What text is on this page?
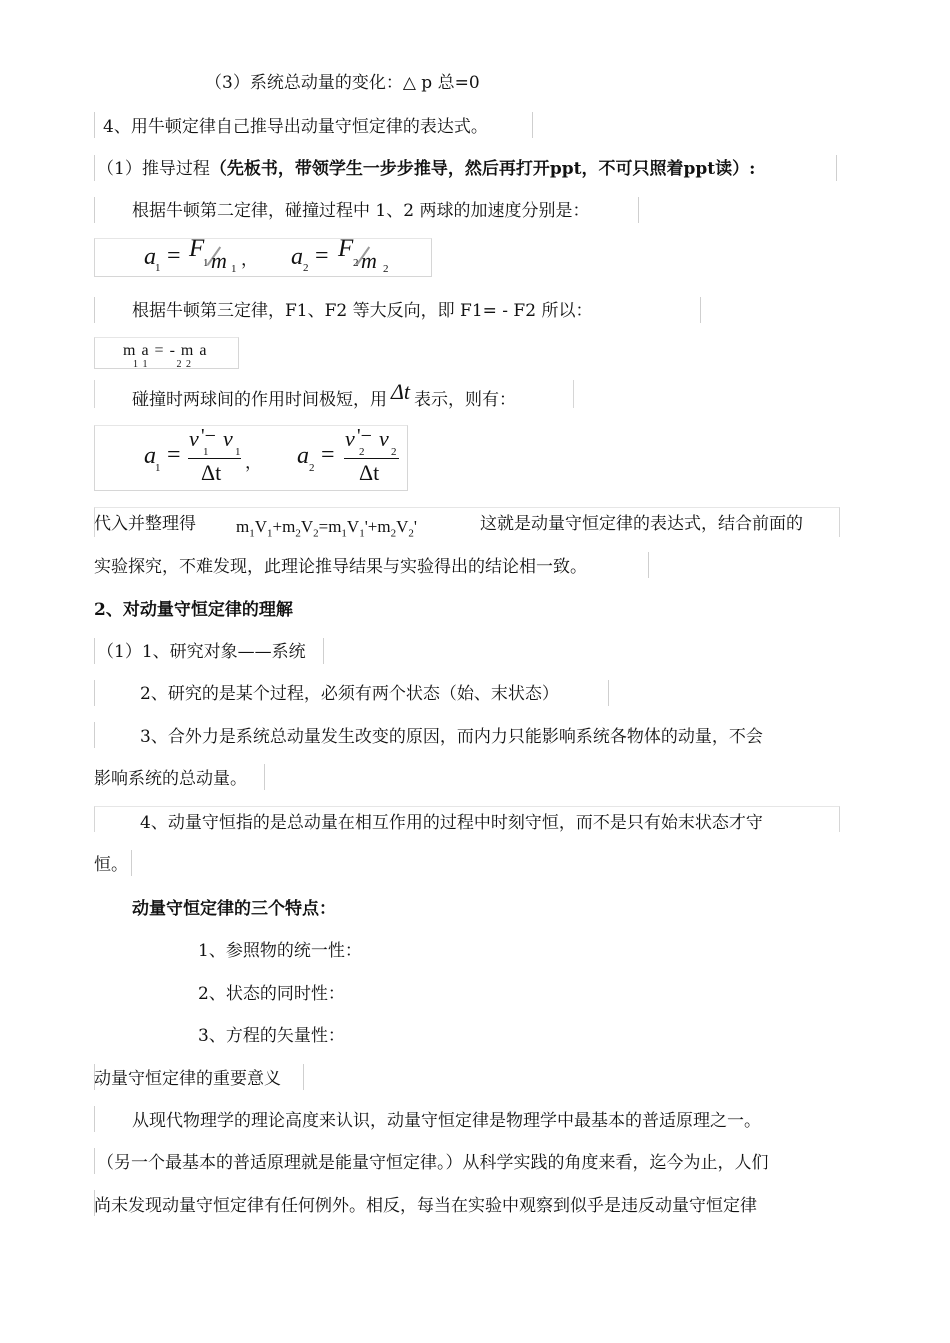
（3）系统总动量的变化：△ p 总=0
4、用牛顿定律自己推导出动量守恒定律的表达式。
（1）推导过程（先板书，带领学生一步步推导，然后再打开ppt，不可只照着ppt读）:
根据牛顿第二定律，碰撞过程中 1、2 两球的加速度分别是：
a 1 = F
1 m 1 ， a 2 = F
2 m 2
根据牛顿第三定律，F1、F2 等大反向，即 F1= - F2 所以：
m a = - m a
1 1        2 2
碰撞时两球间的作用时间极短，用 Δt 表示，则有：
a 1 =
v '− v
1 1
Δt ， a 2 =
v '− v
2 2
Δt
代入并整理得 $m_1V_1+m_2V_2=m_1V_1'+m_2V_2'$	这就是动量守恒定律的表达式，结合前面的
实验探究，不难发现，此理论推导结果与实验得出的结论相一致。
2、对动量守恒定律的理解
（1）1、研究对象——系统
2、研究的是某个过程，必须有两个状态（始、末状态）
3、合外力是系统总动量发生改变的原因，而内力只能影响系统各物体的动量，不会
影响系统的总动量。
4、动量守恒指的是总动量在相互作用的过程中时刻守恒，而不是只有始末状态才守
恒。
动量守恒定律的三个特点：
1、参照物的统一性：
2、状态的同时性：
3、方程的矢量性：
动量守恒定律的重要意义
从现代物理学的理论高度来认识，动量守恒定律是物理学中最基本的普适原理之一。
（另一个最基本的普适原理就是能量守恒定律。）从科学实践的角度来看，迄今为止，人们
尚未发现动量守恒定律有任何例外。相反，每当在实验中观察到似乎是违反动量守恒定律
